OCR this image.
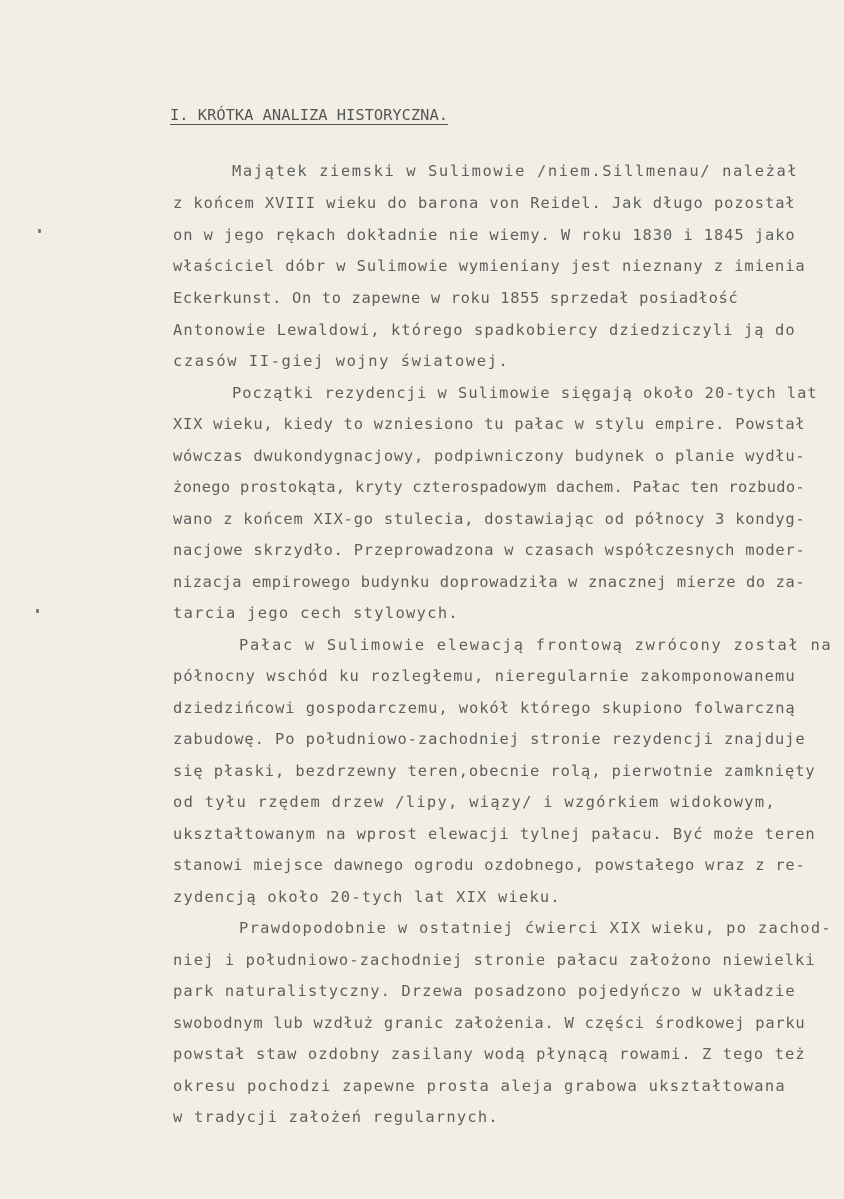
I. KRÓTKA ANALIZA HISTORYCZNA.
Majątek ziemski w Sulimowie /niem.Sillmenau/ należał
z końcem XVIII wieku do barona von Reidel. Jak długo pozostał
on w jego rękach dokładnie nie wiemy. W roku 1830 i 1845 jako
właściciel dóbr w Sulimowie wymieniany jest nieznany z imienia
Eckerkunst. On to zapewne w roku 1855 sprzedał posiadłość
Antonowie Lewaldowi, którego spadkobiercy dziedziczyli ją do
czasów II-giej wojny światowej.
Początki rezydencji w Sulimowie sięgają około 20-tych lat
XIX wieku, kiedy to wzniesiono tu pałac w stylu empire. Powstał
wówczas dwukondygnacjowy, podpiwniczony budynek o planie wydłu-
żonego prostokąta, kryty czterospadowym dachem. Pałac ten rozbudo-
wano z końcem XIX-go stulecia, dostawiając od północy 3 kondyg-
nacjowe skrzydło. Przeprowadzona w czasach współczesnych moder-
nizacja empirowego budynku doprowadziła w znacznej mierze do za-
tarcia jego cech stylowych.
Pałac w Sulimowie elewacją frontową zwrócony został na
północny wschód ku rozległemu, nieregularnie zakomponowanemu
dziedzińcowi gospodarczemu, wokół którego skupiono folwarczną
zabudowę. Po południowo-zachodniej stronie rezydencji znajduje
się płaski, bezdrzewny teren,obecnie rolą, pierwotnie zamknięty
od tyłu rzędem drzew /lipy, wiązy/ i wzgórkiem widokowym,
ukształtowanym na wprost elewacji tylnej pałacu. Być może teren
stanowi miejsce dawnego ogrodu ozdobnego, powstałego wraz z re-
zydencją około 20-tych lat XIX wieku.
Prawdopodobnie w ostatniej ćwierci XIX wieku, po zachod-
niej i południowo-zachodniej stronie pałacu założono niewielki
park naturalistyczny. Drzewa posadzono pojedyńczo w układzie
swobodnym lub wzdłuż granic założenia. W części środkowej parku
powstał staw ozdobny zasilany wodą płynącą rowami. Z tego też
okresu pochodzi zapewne prosta aleja grabowa ukształtowana
w tradycji założeń regularnych.
